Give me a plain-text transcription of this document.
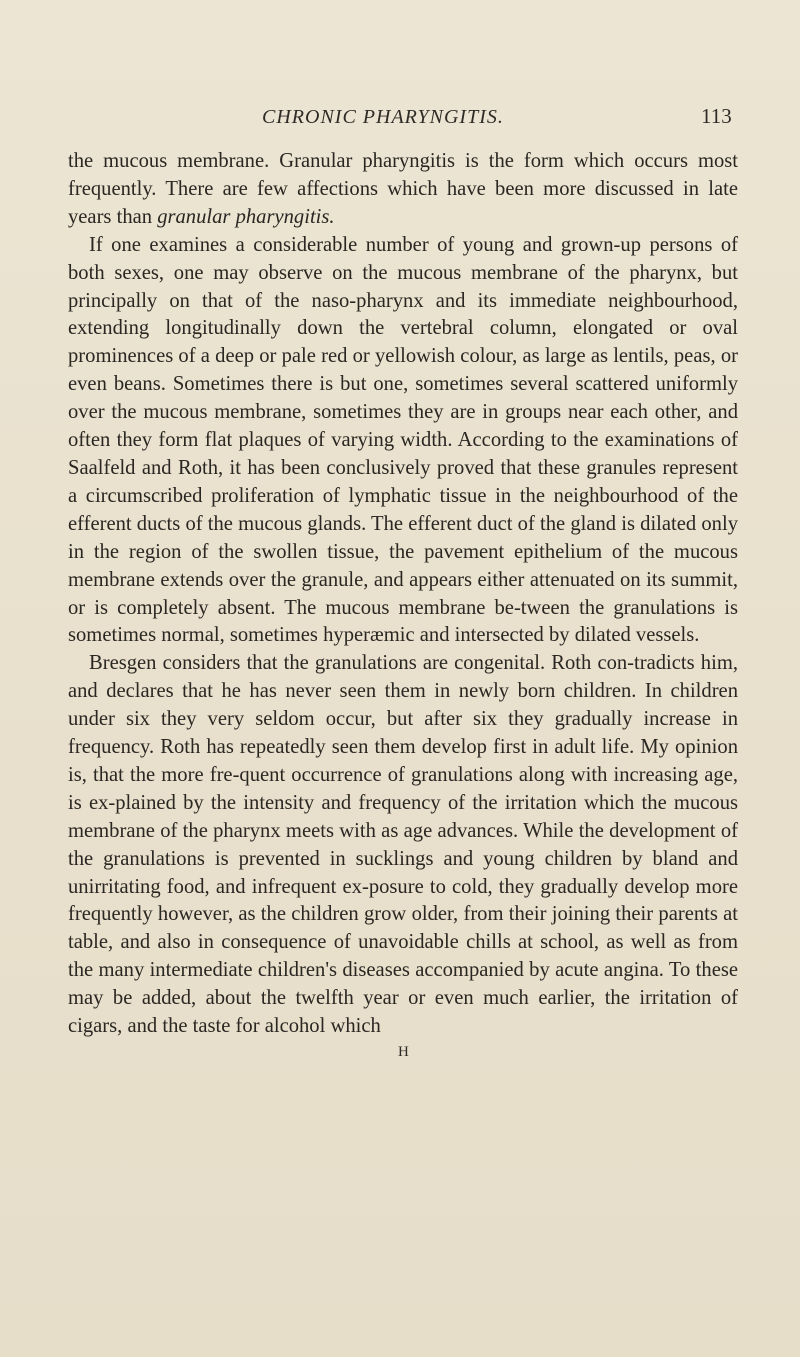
CHRONIC PHARYNGITIS.	113

the mucous membrane. Granular pharyngitis is the form which occurs most frequently. There are few affections which have been more discussed in late years than granular pharyngitis.

If one examines a considerable number of young and grown-up persons of both sexes, one may observe on the mucous membrane of the pharynx, but principally on that of the naso-pharynx and its immediate neighbourhood, extending longitudinally down the vertebral column, elongated or oval prominences of a deep or pale red or yellowish colour, as large as lentils, peas, or even beans. Sometimes there is but one, sometimes several scattered uniformly over the mucous membrane, sometimes they are in groups near each other, and often they form flat plaques of varying width. According to the examinations of Saalfeld and Roth, it has been conclusively proved that these granules represent a circumscribed proliferation of lymphatic tissue in the neighbourhood of the efferent ducts of the mucous glands. The efferent duct of the gland is dilated only in the region of the swollen tissue, the pavement epithelium of the mucous membrane extends over the granule, and appears either attenuated on its summit, or is completely absent. The mucous membrane be-tween the granulations is sometimes normal, sometimes hyperæmic and intersected by dilated vessels.

Bresgen considers that the granulations are congenital. Roth con-tradicts him, and declares that he has never seen them in newly born children. In children under six they very seldom occur, but after six they gradually increase in frequency. Roth has repeatedly seen them develop first in adult life. My opinion is, that the more fre-quent occurrence of granulations along with increasing age, is ex-plained by the intensity and frequency of the irritation which the mucous membrane of the pharynx meets with as age advances. While the development of the granulations is prevented in sucklings and young children by bland and unirritating food, and infrequent ex-posure to cold, they gradually develop more frequently however, as the children grow older, from their joining their parents at table, and also in consequence of unavoidable chills at school, as well as from the many intermediate children's diseases accompanied by acute angina. To these may be added, about the twelfth year or even much earlier, the irritation of cigars, and the taste for alcohol which

H
